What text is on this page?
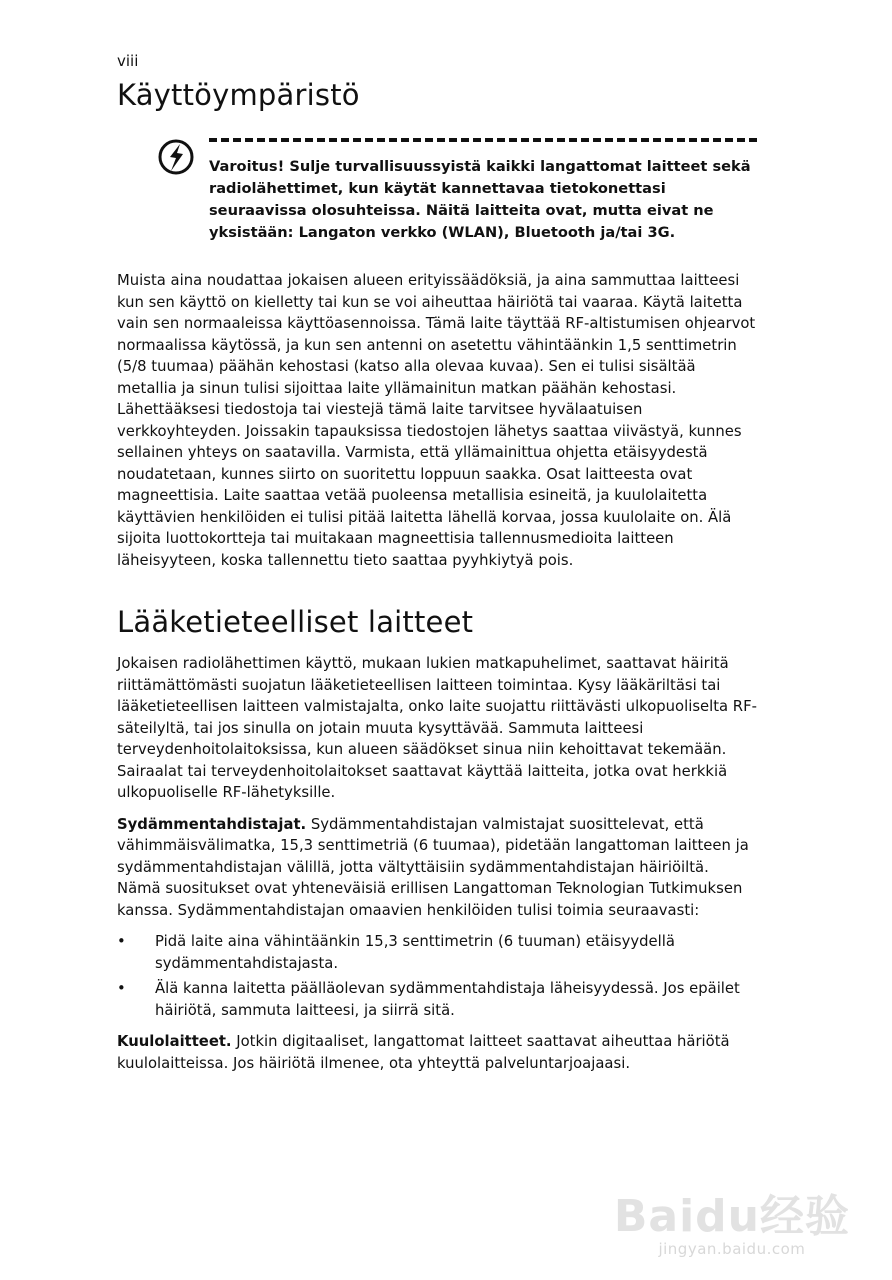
viii
Käyttöympäristö
Varoitus! Sulje turvallisuussyistä kaikki langattomat laitteet sekä radiolähettimet, kun käytät kannettavaa tietokonettasi seuraavissa olosuhteissa. Näitä laitteita ovat, mutta eivat ne yksistään: Langaton verkko (WLAN), Bluetooth ja/tai 3G.

Muista aina noudattaa jokaisen alueen erityissäädöksiä, ja aina sammuttaa laitteesi kun sen käyttö on kielletty tai kun se voi aiheuttaa häiriötä tai vaaraa. Käytä laitetta vain sen normaaleissa käyttöasennoissa. Tämä laite täyttää RF-altistumisen ohjearvot normaalissa käytössä, ja kun sen antenni on asetettu vähintäänkin 1,5 senttimetrin (5/8 tuumaa) päähän kehostasi (katso alla olevaa kuvaa). Sen ei tulisi sisältää metallia ja sinun tulisi sijoittaa laite yllämainitun matkan päähän kehostasi. Lähettääksesi tiedostoja tai viestejä tämä laite tarvitsee hyvälaatuisen verkkoyhteyden. Joissakin tapauksissa tiedostojen lähetys saattaa viivästyä, kunnes sellainen yhteys on saatavilla. Varmista, että yllämainittua ohjetta etäisyydestä noudatetaan, kunnes siirto on suoritettu loppuun saakka. Osat laitteesta ovat magneettisia. Laite saattaa vetää puoleensa metallisia esineitä, ja kuulolaitetta käyttävien henkilöiden ei tulisi pitää laitetta lähellä korvaa, jossa kuulolaite on. Älä sijoita luottokortteja tai muitakaan magneettisia tallennusmedioita laitteen läheisyyteen, koska tallennettu tieto saattaa pyyhkiytyä pois.

Lääketieteelliset laitteet

Jokaisen radiolähettimen käyttö, mukaan lukien matkapuhelimet, saattavat häiritä riittämättömästi suojatun lääketieteellisen laitteen toimintaa. Kysy lääkäriltäsi tai lääketieteellisen laitteen valmistajalta, onko laite suojattu riittävästi ulkopuoliselta RF-säteilyltä, tai jos sinulla on jotain muuta kysyttävää. Sammuta laitteesi terveydenhoitolaitoksissa, kun alueen säädökset sinua niin kehoittavat tekemään. Sairaalat tai terveydenhoitolaitokset saattavat käyttää laitteita, jotka ovat herkkiä ulkopuoliselle RF-lähetyksille.

Sydämmentahdistajat. Sydämmentahdistajan valmistajat suosittelevat, että vähimmäisvälimatka, 15,3 senttimetriä (6 tuumaa), pidetään langattoman laitteen ja sydämmentahdistajan välillä, jotta vältyttäisiin sydämmentahdistajan häiriöiltä. Nämä suositukset ovat yhteneväisiä erillisen Langattoman Teknologian Tutkimuksen kanssa. Sydämmentahdistajan omaavien henkilöiden tulisi toimia seuraavasti:

• Pidä laite aina vähintäänkin 15,3 senttimetrin (6 tuuman) etäisyydellä sydämmentahdistajasta.
• Älä kanna laitetta päälläolevan sydämmentahdistaja läheisyydessä. Jos epäilet häiriötä, sammuta laitteesi, ja siirrä sitä.

Kuulolaitteet. Jotkin digitaaliset, langattomat laitteet saattavat aiheuttaa häriötä kuulolaitteissa. Jos häiriötä ilmenee, ota yhteyttä palveluntarjoajaasi.

Baidu经验
jingyan.baidu.com
